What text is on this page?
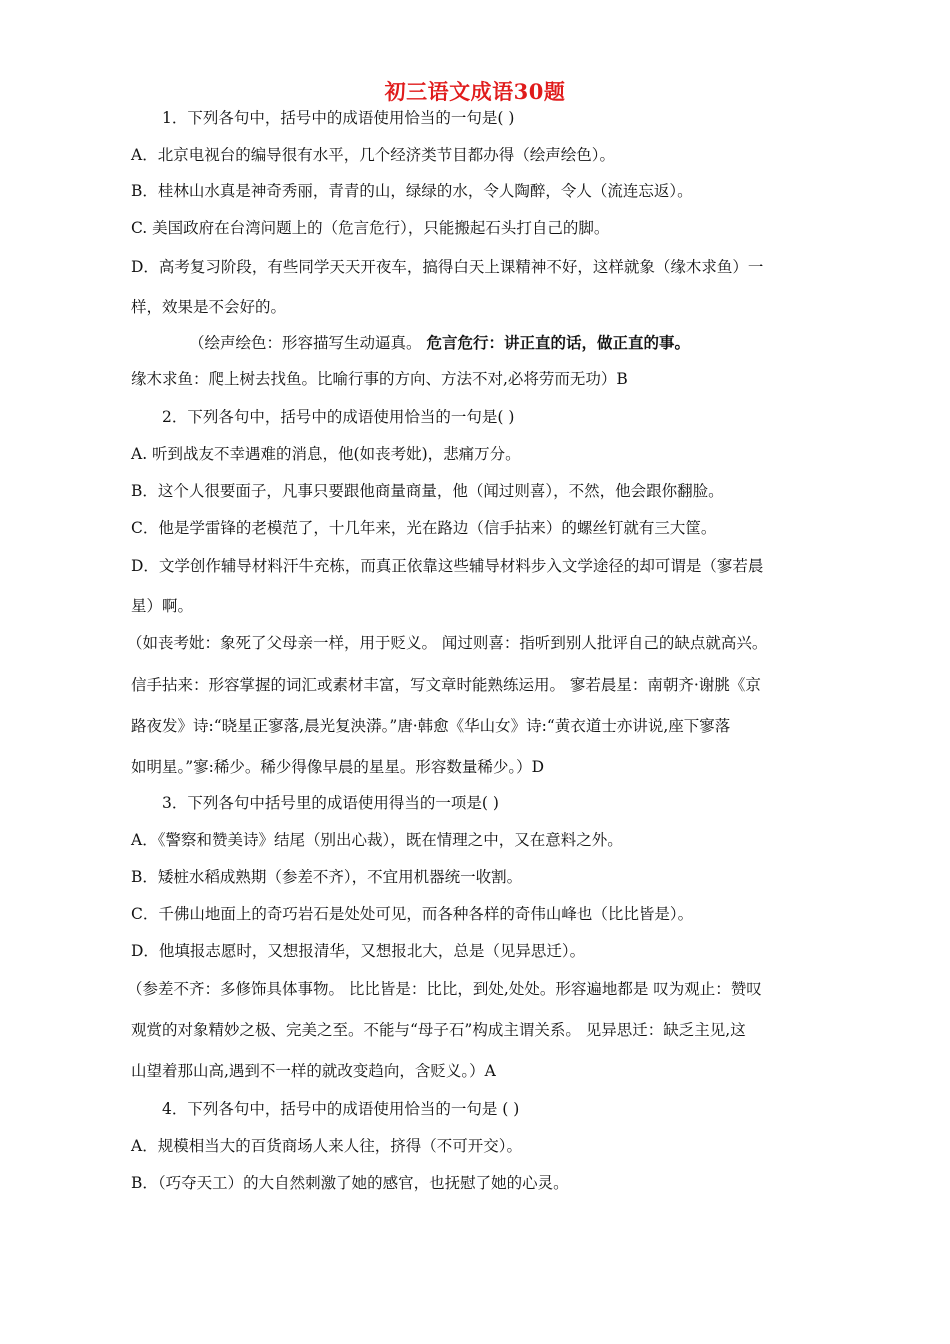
初三语文成语30题
1．下列各句中，括号中的成语使用恰当的一句是( )
A．北京电视台的编导很有水平，几个经济类节目都办得（绘声绘色）。
B．桂林山水真是神奇秀丽，青青的山，绿绿的水，令人陶醉，令人（流连忘返）。
C. 美国政府在台湾问题上的（危言危行），只能搬起石头打自己的脚。
D．高考复习阶段，有些同学天天开夜车，搞得白天上课精神不好，这样就象（缘木求鱼）一
样，效果是不会好的。
（绘声绘色：形容描写生动逼真。 危言危行：讲正直的话，做正直的事。
缘木求鱼：爬上树去找鱼。比喻行事的方向、方法不对,必将劳而无功）B
2．下列各句中，括号中的成语使用恰当的一句是( )
A. 听到战友不幸遇难的消息，他(如丧考妣)，悲痛万分。
B．这个人很要面子，凡事只要跟他商量商量，他（闻过则喜），不然，他会跟你翻脸。
C．他是学雷锋的老模范了，十几年来，光在路边（信手拈来）的螺丝钉就有三大筐。
D．文学创作辅导材料汗牛充栋，而真正依靠这些辅导材料步入文学途径的却可谓是（寥若晨
星）啊。
（如丧考妣：象死了父母亲一样，用于贬义。 闻过则喜：指听到别人批评自己的缺点就高兴。
信手拈来：形容掌握的词汇或素材丰富，写文章时能熟练运用。 寥若晨星：南朝齐·谢朓《京
路夜发》诗:“晓星正寥落,晨光复泱漭。”唐·韩愈《华山女》诗:“黄衣道士亦讲说,座下寥落
如明星。”寥:稀少。稀少得像早晨的星星。形容数量稀少。）D
3．下列各句中括号里的成语使用得当的一项是( )
A．《警察和赞美诗》结尾（别出心裁），既在情理之中，又在意料之外。
B．矮桩水稻成熟期（参差不齐），不宜用机器统一收割。
C．千佛山地面上的奇巧岩石是处处可见，而各种各样的奇伟山峰也（比比皆是）。
D．他填报志愿时，又想报清华，又想报北大，总是（见异思迁）。
（参差不齐：多修饰具体事物。 比比皆是：比比，到处,处处。形容遍地都是 叹为观止：赞叹
观赏的对象精妙之极、完美之至。不能与“母子石”构成主谓关系。 见异思迁：缺乏主见,这
山望着那山高,遇到不一样的就改变趋向，含贬义。）A
4．下列各句中，括号中的成语使用恰当的一句是 ( )
A．规模相当大的百货商场人来人往，挤得（不可开交）。
B．（巧夺天工）的大自然刺激了她的感官，也抚慰了她的心灵。
